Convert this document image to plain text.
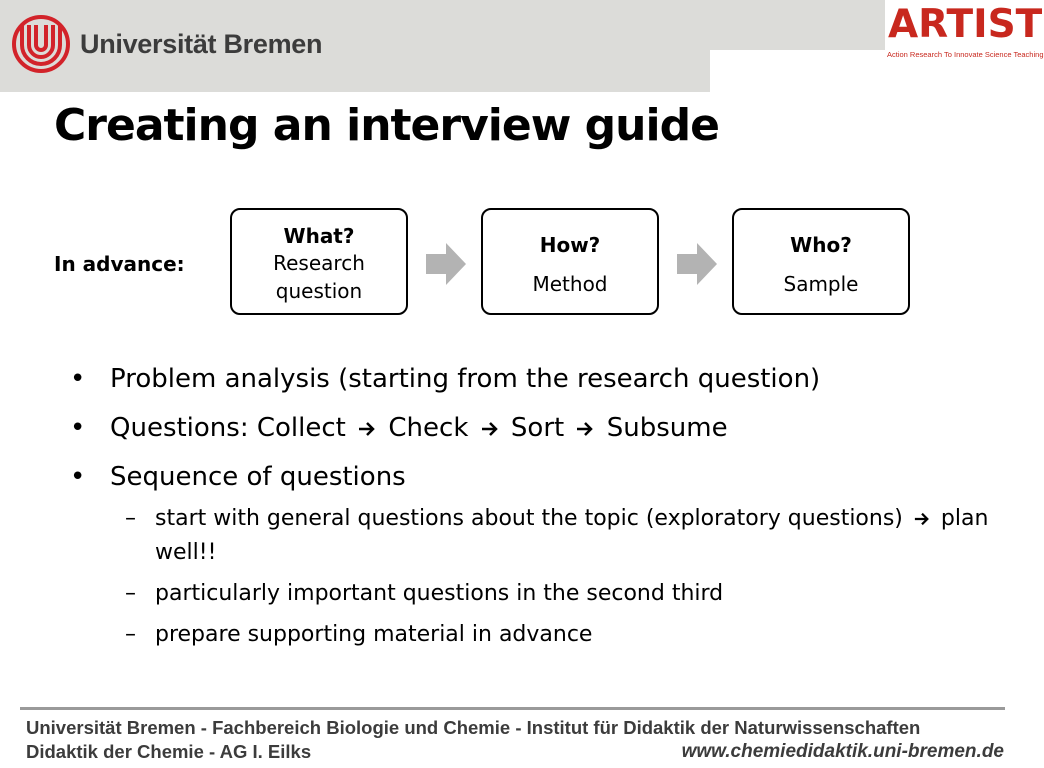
Universität Bremen	ARTIST
Action Research To Innovate Science Teaching
Creating an interview guide
In advance:
What?
Research
question
How?
Method
Who?
Sample
• Problem analysis (starting from the research question)
• Questions: Collect Check Sort Subsume
• Sequence of questions
– start with general questions about the topic (exploratory questions) plan well!!
– particularly important questions in the second third
– prepare supporting material in advance
Universität Bremen - Fachbereich Biologie und Chemie - Institut für Didaktik der Naturwissenschaften
Didaktik der Chemie - AG I. Eilks	www.chemiedidaktik.uni-bremen.de
